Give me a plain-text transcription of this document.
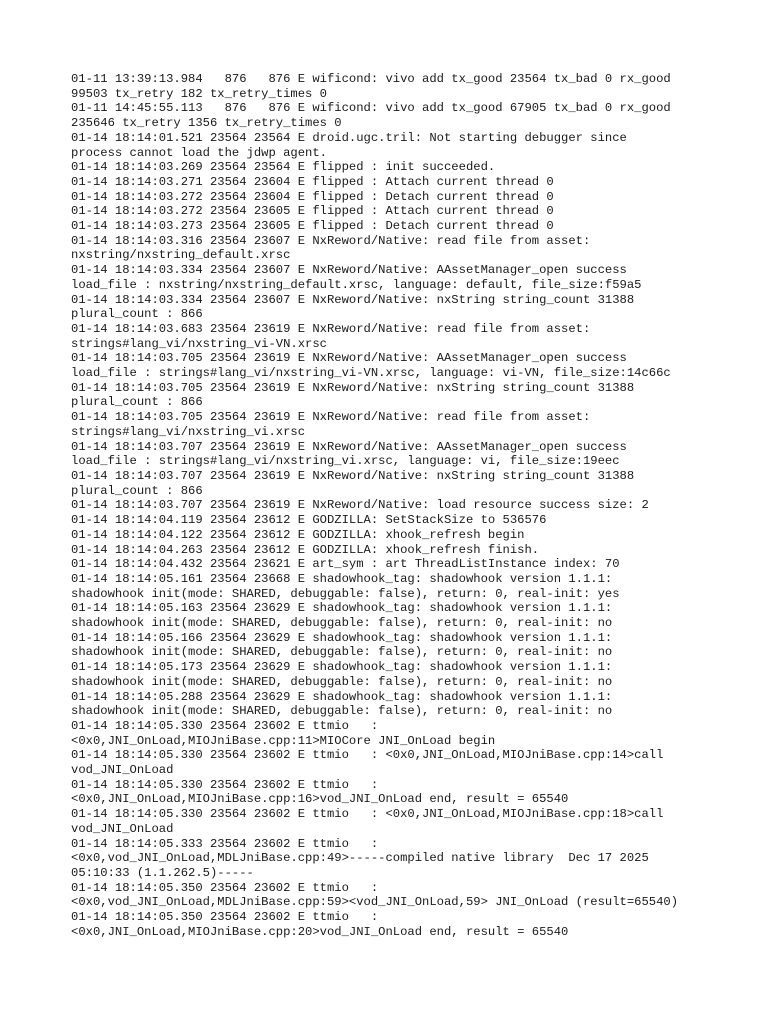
01-11 13:39:13.984   876   876 E wificond: vivo add tx_good 23564 tx_bad 0 rx_good
99503 tx_retry 182 tx_retry_times 0
01-11 14:45:55.113   876   876 E wificond: vivo add tx_good 67905 tx_bad 0 rx_good
235646 tx_retry 1356 tx_retry_times 0
01-14 18:14:01.521 23564 23564 E droid.ugc.tril: Not starting debugger since
process cannot load the jdwp agent.
01-14 18:14:03.269 23564 23564 E flipped : init succeeded.
01-14 18:14:03.271 23564 23604 E flipped : Attach current thread 0
01-14 18:14:03.272 23564 23604 E flipped : Detach current thread 0
01-14 18:14:03.272 23564 23605 E flipped : Attach current thread 0
01-14 18:14:03.273 23564 23605 E flipped : Detach current thread 0
01-14 18:14:03.316 23564 23607 E NxReword/Native: read file from asset:
nxstring/nxstring_default.xrsc
01-14 18:14:03.334 23564 23607 E NxReword/Native: AAssetManager_open success
load_file : nxstring/nxstring_default.xrsc, language: default, file_size:f59a5
01-14 18:14:03.334 23564 23607 E NxReword/Native: nxString string_count 31388
plural_count : 866
01-14 18:14:03.683 23564 23619 E NxReword/Native: read file from asset:
strings#lang_vi/nxstring_vi-VN.xrsc
01-14 18:14:03.705 23564 23619 E NxReword/Native: AAssetManager_open success
load_file : strings#lang_vi/nxstring_vi-VN.xrsc, language: vi-VN, file_size:14c66c
01-14 18:14:03.705 23564 23619 E NxReword/Native: nxString string_count 31388
plural_count : 866
01-14 18:14:03.705 23564 23619 E NxReword/Native: read file from asset:
strings#lang_vi/nxstring_vi.xrsc
01-14 18:14:03.707 23564 23619 E NxReword/Native: AAssetManager_open success
load_file : strings#lang_vi/nxstring_vi.xrsc, language: vi, file_size:19eec
01-14 18:14:03.707 23564 23619 E NxReword/Native: nxString string_count 31388
plural_count : 866
01-14 18:14:03.707 23564 23619 E NxReword/Native: load resource success size: 2
01-14 18:14:04.119 23564 23612 E GODZILLA: SetStackSize to 536576
01-14 18:14:04.122 23564 23612 E GODZILLA: xhook_refresh begin
01-14 18:14:04.263 23564 23612 E GODZILLA: xhook_refresh finish.
01-14 18:14:04.432 23564 23621 E art_sym : art ThreadListInstance index: 70
01-14 18:14:05.161 23564 23668 E shadowhook_tag: shadowhook version 1.1.1:
shadowhook init(mode: SHARED, debuggable: false), return: 0, real-init: yes
01-14 18:14:05.163 23564 23629 E shadowhook_tag: shadowhook version 1.1.1:
shadowhook init(mode: SHARED, debuggable: false), return: 0, real-init: no
01-14 18:14:05.166 23564 23629 E shadowhook_tag: shadowhook version 1.1.1:
shadowhook init(mode: SHARED, debuggable: false), return: 0, real-init: no
01-14 18:14:05.173 23564 23629 E shadowhook_tag: shadowhook version 1.1.1:
shadowhook init(mode: SHARED, debuggable: false), return: 0, real-init: no
01-14 18:14:05.288 23564 23629 E shadowhook_tag: shadowhook version 1.1.1:
shadowhook init(mode: SHARED, debuggable: false), return: 0, real-init: no
01-14 18:14:05.330 23564 23602 E ttmio   :
<0x0,JNI_OnLoad,MIOJniBase.cpp:11>MIOCore JNI_OnLoad begin
01-14 18:14:05.330 23564 23602 E ttmio   : <0x0,JNI_OnLoad,MIOJniBase.cpp:14>call
vod_JNI_OnLoad
01-14 18:14:05.330 23564 23602 E ttmio   :
<0x0,JNI_OnLoad,MIOJniBase.cpp:16>vod_JNI_OnLoad end, result = 65540
01-14 18:14:05.330 23564 23602 E ttmio   : <0x0,JNI_OnLoad,MIOJniBase.cpp:18>call
vod_JNI_OnLoad
01-14 18:14:05.333 23564 23602 E ttmio   :
<0x0,vod_JNI_OnLoad,MDLJniBase.cpp:49>-----compiled native library  Dec 17 2025
05:10:33 (1.1.262.5)-----
01-14 18:14:05.350 23564 23602 E ttmio   :
<0x0,vod_JNI_OnLoad,MDLJniBase.cpp:59><vod_JNI_OnLoad,59> JNI_OnLoad (result=65540)
01-14 18:14:05.350 23564 23602 E ttmio   :
<0x0,JNI_OnLoad,MIOJniBase.cpp:20>vod_JNI_OnLoad end, result = 65540
